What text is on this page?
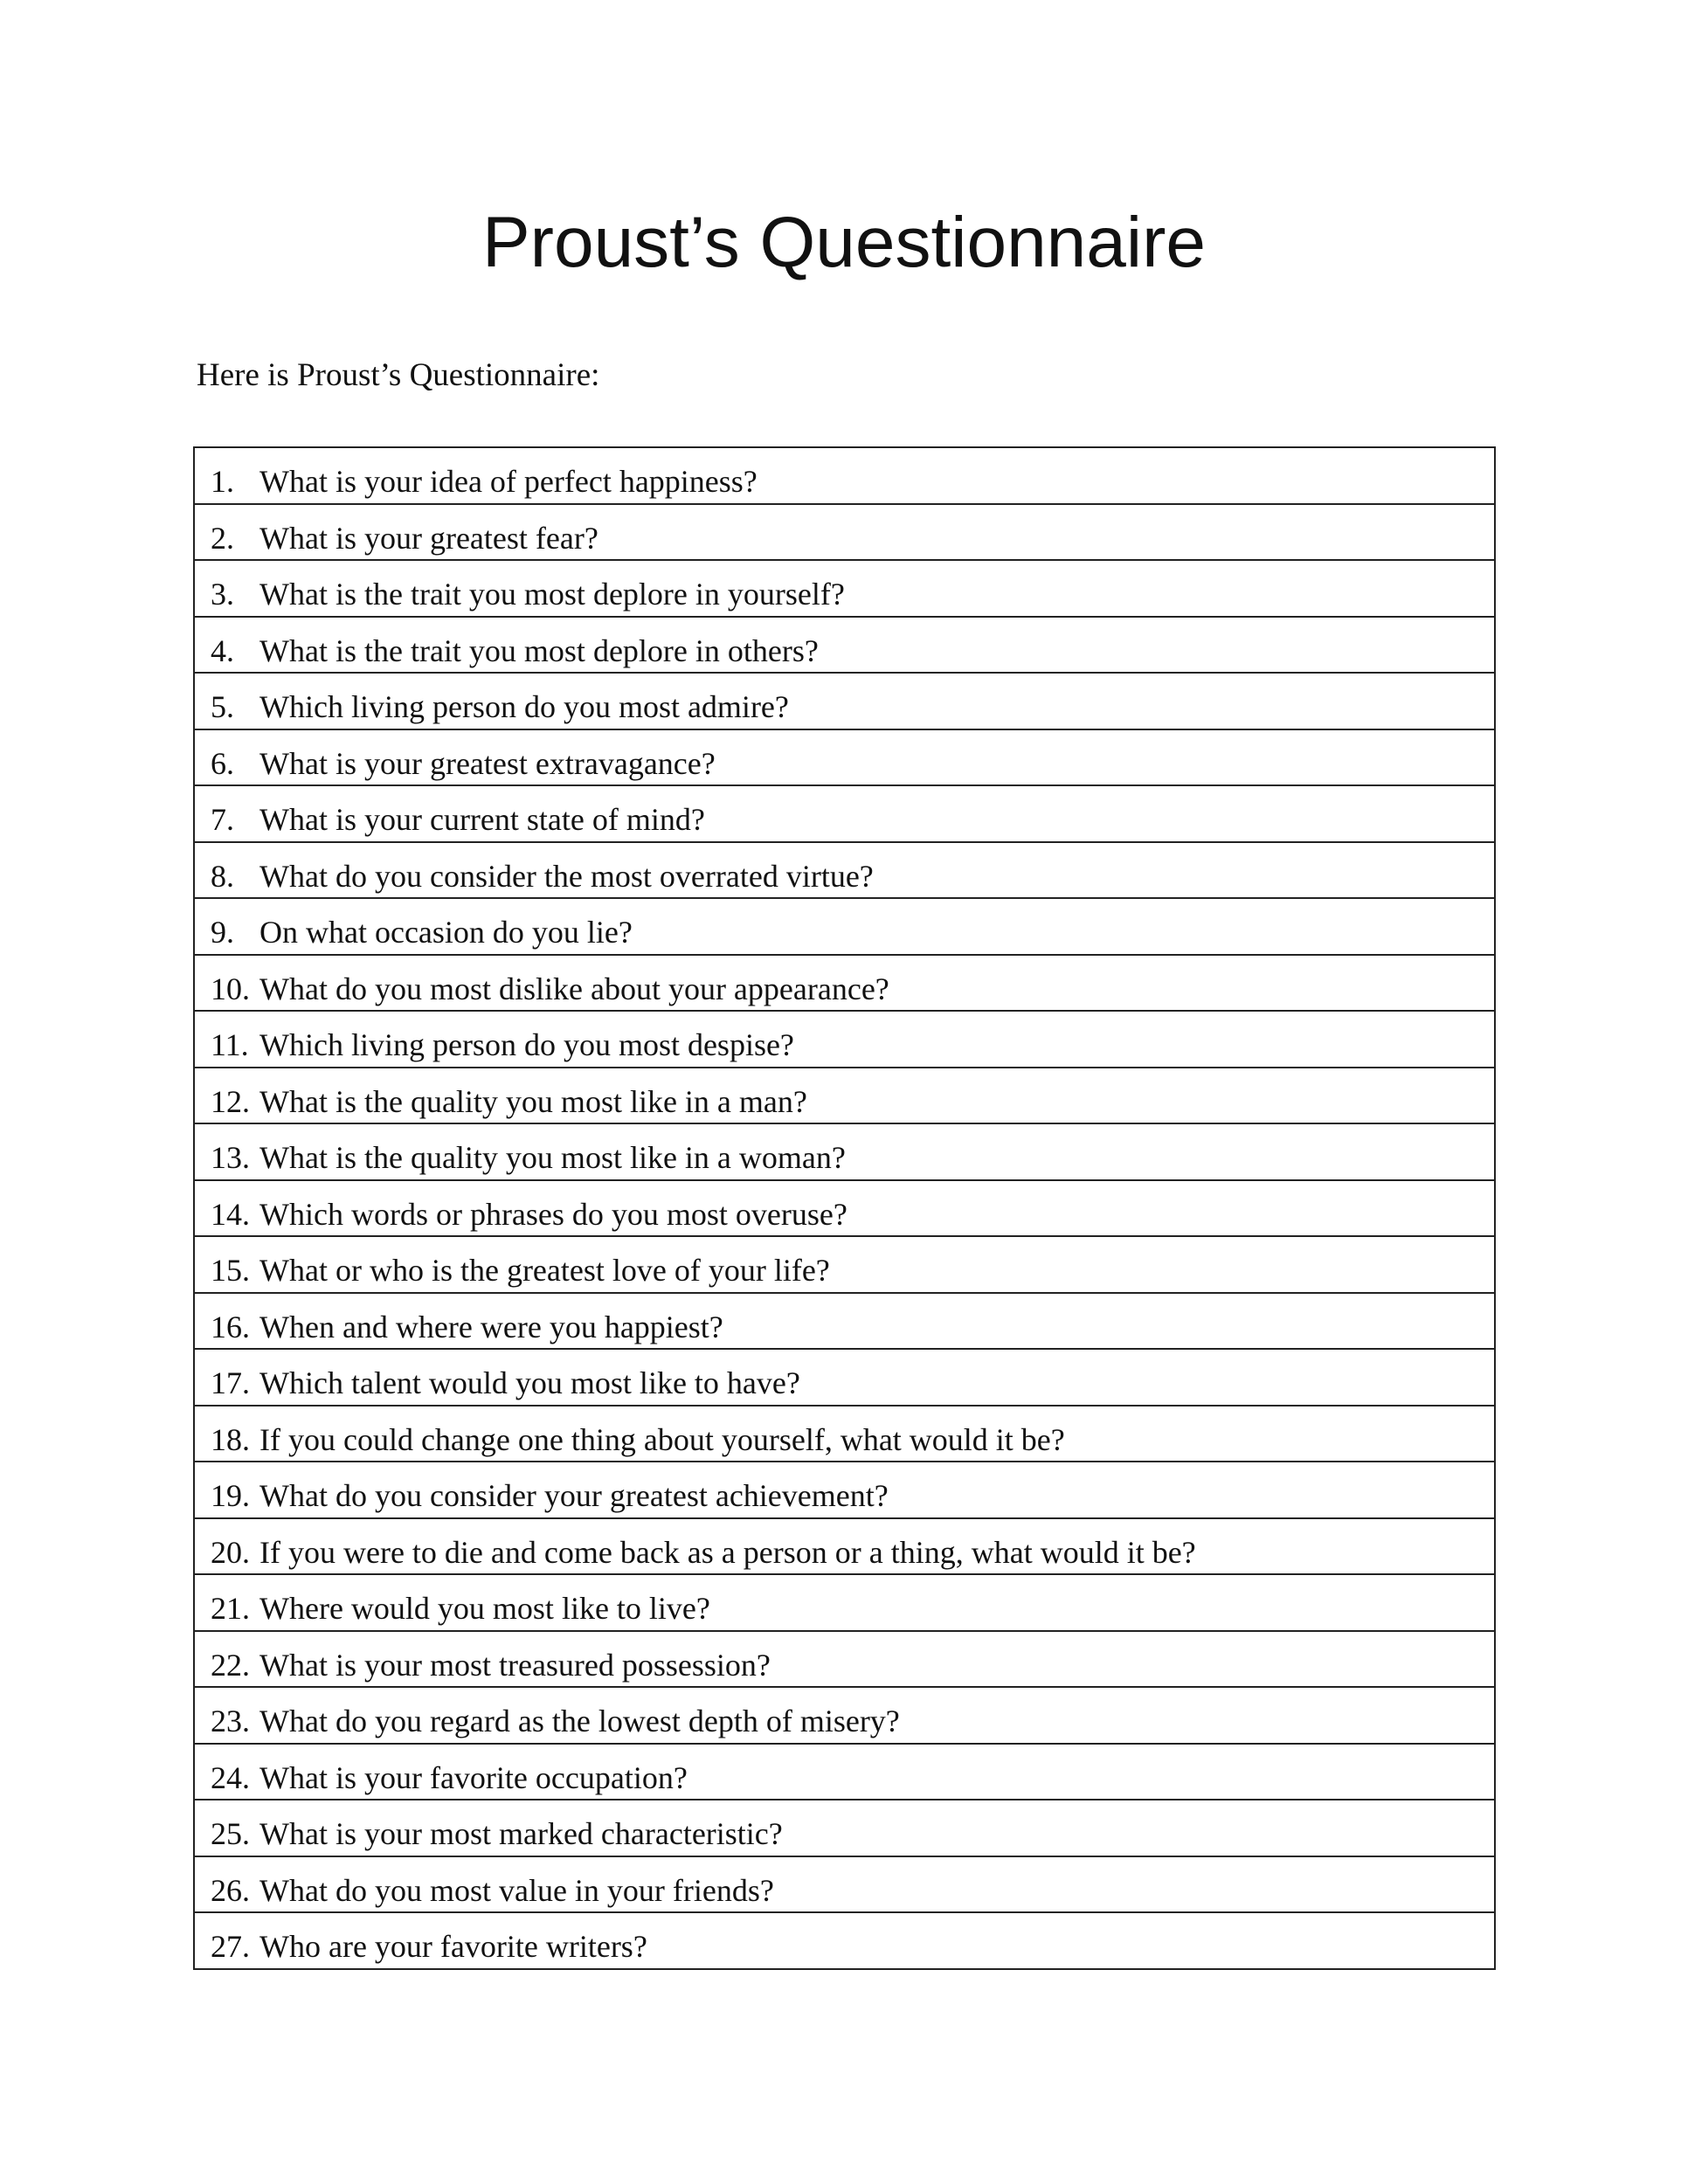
Proust’s Questionnaire

Here is Proust’s Questionnaire:

1. What is your idea of perfect happiness?

2. What is your greatest fear?

3. What is the trait you most deplore in yourself?

4. What is the trait you most deplore in others?

5. Which living person do you most admire?

6. What is your greatest extravagance?

7. What is your current state of mind?

8. What do you consider the most overrated virtue?

9. On what occasion do you lie?

10. What do you most dislike about your appearance?

11. Which living person do you most despise?

12. What is the quality you most like in a man?

13. What is the quality you most like in a woman?

14. Which words or phrases do you most overuse?

15. What or who is the greatest love of your life?

16. When and where were you happiest?

17. Which talent would you most like to have?

18. If you could change one thing about yourself, what would it be?

19. What do you consider your greatest achievement?

20. If you were to die and come back as a person or a thing, what would it be?

21. Where would you most like to live?

22. What is your most treasured possession?

23. What do you regard as the lowest depth of misery?

24. What is your favorite occupation?

25. What is your most marked characteristic?

26. What do you most value in your friends?

27. Who are your favorite writers?
